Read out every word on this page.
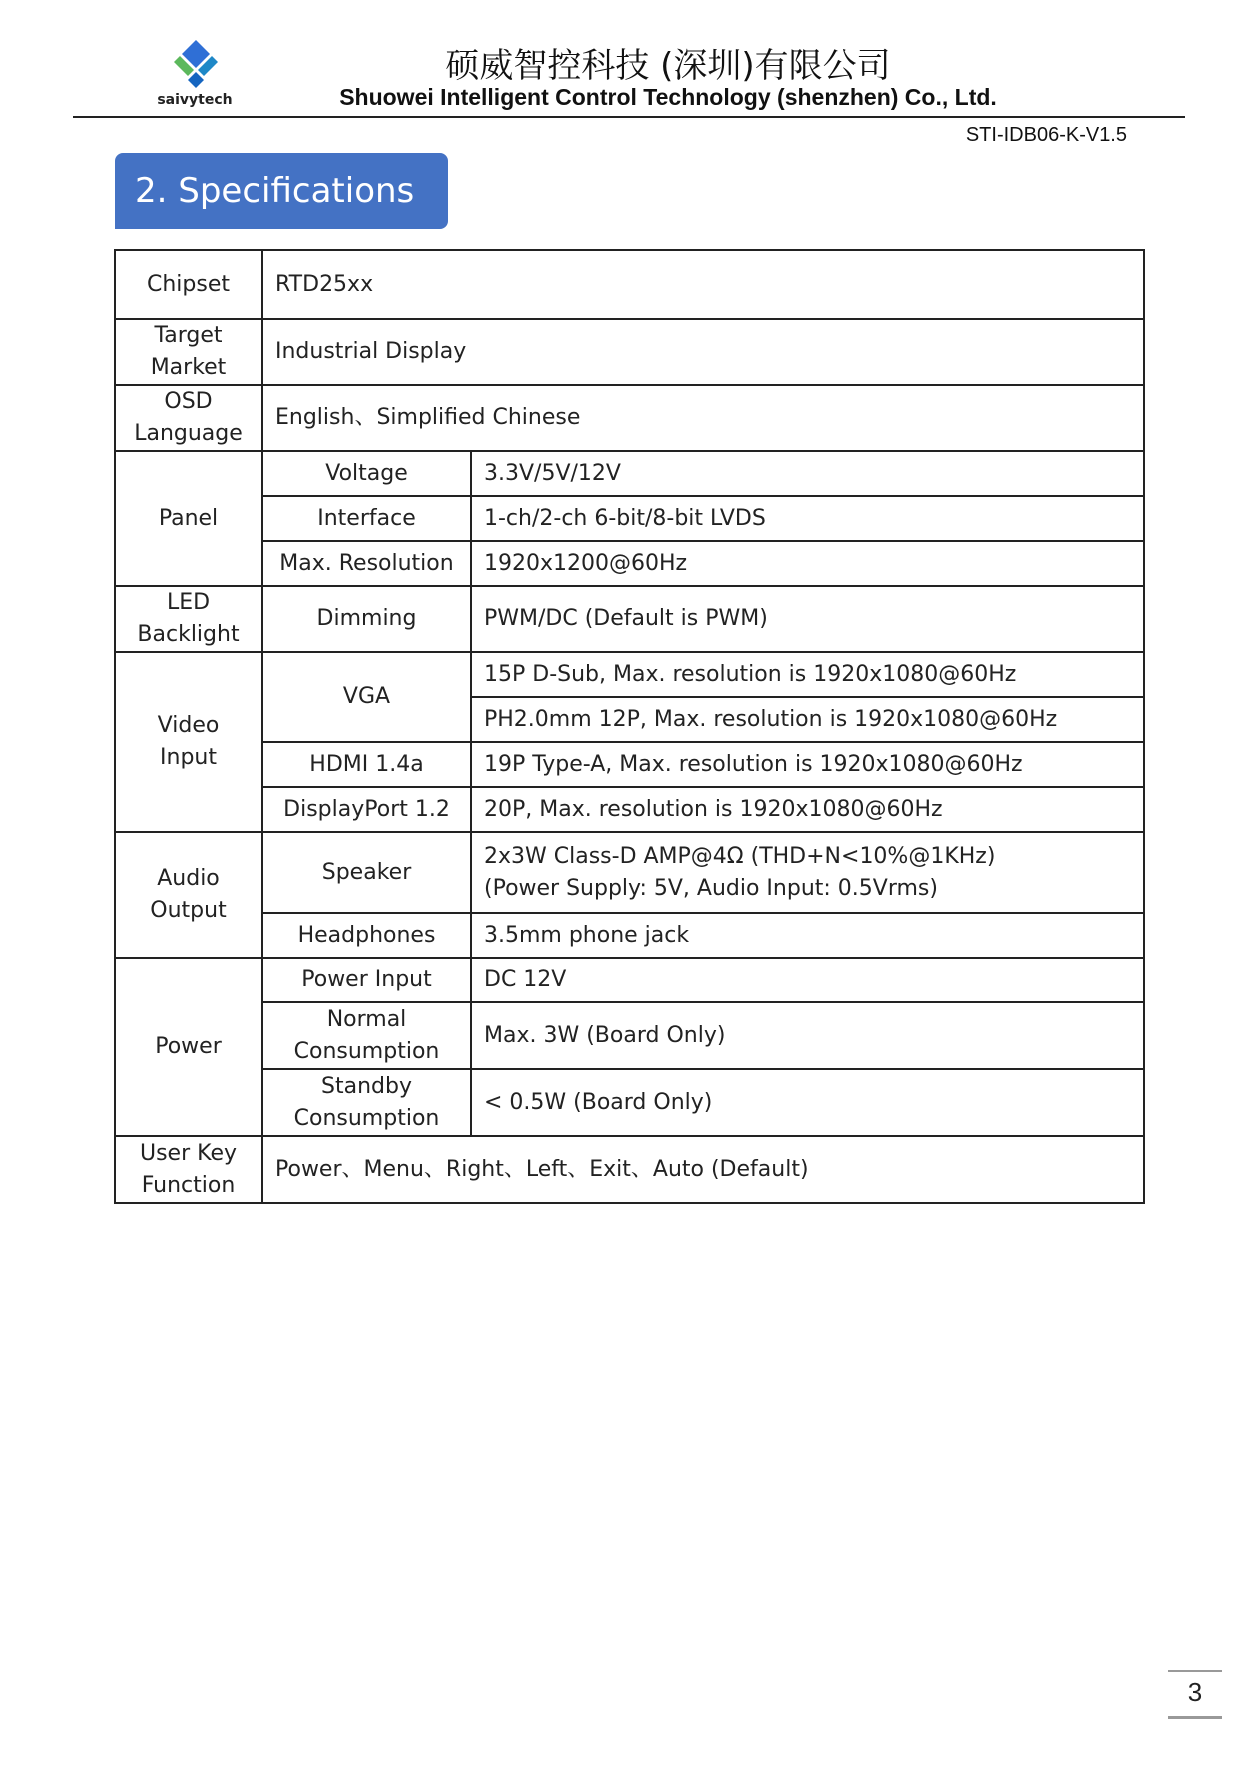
saivytech
硕威智控科技 (深圳)有限公司
Shuowei Intelligent Control Technology (shenzhen) Co., Ltd.
STI-IDB06-K-V1.5
2. Specifications
Chipset	RTD25xx	
Target
Market	Industrial Display	
OSD
Language	English、Simplified Chinese	
Panel	Voltage	3.3V/5V/12V
	Interface	1-ch/2-ch 6-bit/8-bit LVDS
	Max. Resolution	1920x1200@60Hz
LED
Backlight	Dimming	PWM/DC (Default is PWM)
Video
Input	VGA	15P D-Sub, Max. resolution is 1920x1080@60Hz
		PH2.0mm 12P, Max. resolution is 1920x1080@60Hz
	HDMI 1.4a	19P Type-A, Max. resolution is 1920x1080@60Hz
	DisplayPort 1.2	20P, Max. resolution is 1920x1080@60Hz
Audio
Output	Speaker	2x3W Class-D AMP@4Ω (THD+N<10%@1KHz)
(Power Supply: 5V, Audio Input: 0.5Vrms)
	Headphones	3.5mm phone jack
Power	Power Input	DC 12V
	Normal
Consumption	Max. 3W (Board Only)
	Standby
Consumption	< 0.5W (Board Only)
User Key
Function	Power、Menu、Right、Left、Exit、Auto (Default)	
3
